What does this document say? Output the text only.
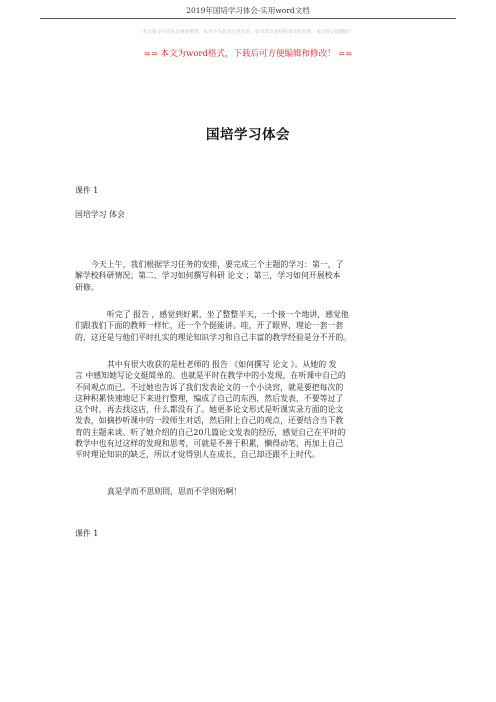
2019年国培学习体会-实用word文档
本文部分内容来自网络整理，本司不为其真实性负责，如有异议或侵权请及时联系，本司将立即删除！
== 本文为word格式，下载后可方便编辑和修改！ ==
国培学习体会
课件 1
国培学习 体会
今天上午，我们根据学习任务的安排，要完成三个主题的学习：第一，了
解学校科研情况；第二、学习如何撰写科研 论文 ；第三，学习如何开展校本
研修。
听完了 报告 ，感觉到好累，坐了整整半天，一个接一个地讲，感觉他
们跟我们下面的教师一样忙，还一个个挺能讲。哇，开了眼界，理论一套一套
的，这还是与他们平时扎实的理论知识学习和自己丰富的教学经验是分不开的。
其中有很大收获的是杜老师的 报告 《如何撰写 论文 》。从她的 发
言 中感知她写论文挺简单的。也就是平时在教学中的小发现，在听课中自己的
不同观点而已。不过她也告诉了我们发表论文的一个小诀窍，就是要把每次的
这种积累快速地记下来进行整理，编成了自己的东西，然后发表，不要等过了
这个时，再去找这店，什么都没有了。她更多论文形式是听课实录方面的论文
发表，如摘抄听课中的一段师生对话，然后附上自己的观点，还要结合当下教
育的主题来谈。听了她介绍的自己20几篇论文发表的经历，感觉自己在平时的
教学中也有过这样的发现和思考，可就是不善于积累，懒得动笔，再加上自己
平时理论知识的缺乏，所以才觉得别人在成长，自己却还跟不上时代。
真是学而不思则罔，思而不学则殆啊！
课件 1
